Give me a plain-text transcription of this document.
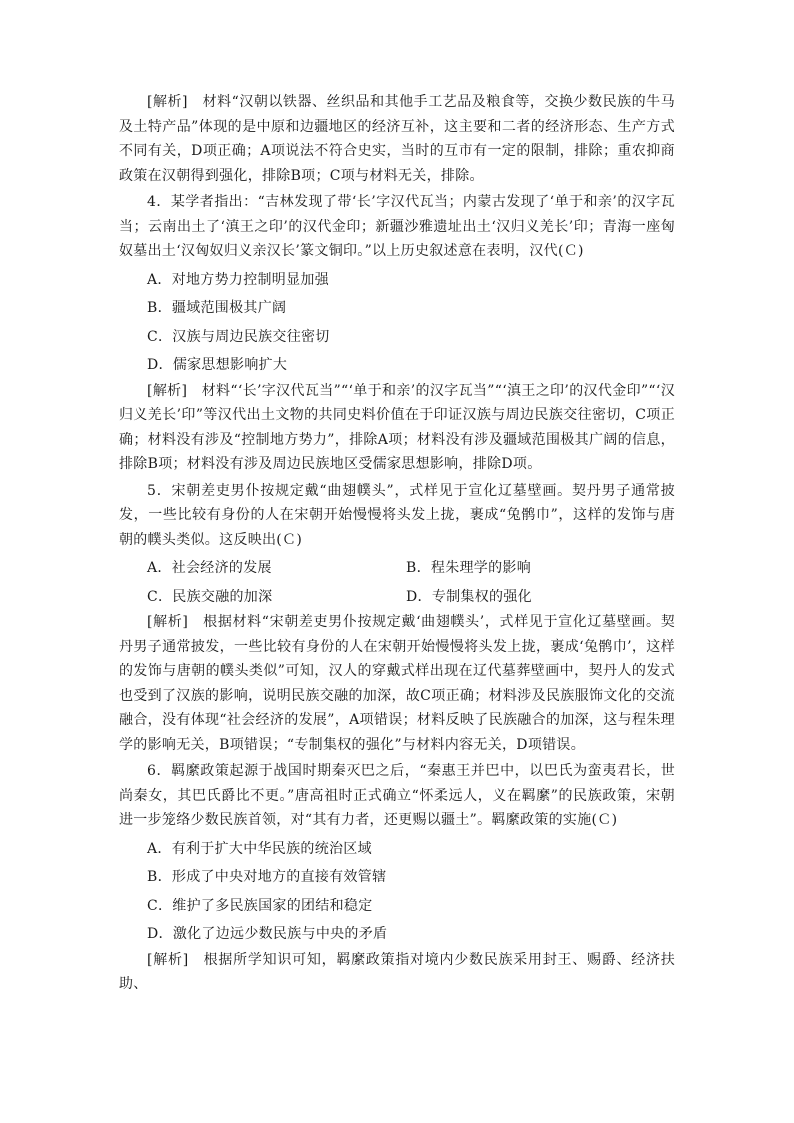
[解析]　材料“汉朝以铁器、丝织品和其他手工艺品及粮食等，交换少数民族的牛马及土特产品”体现的是中原和边疆地区的经济互补，这主要和二者的经济形态、生产方式不同有关，D项正确；A项说法不符合史实，当时的互市有一定的限制，排除；重农抑商政策在汉朝得到强化，排除B项；C项与材料无关，排除。

4．某学者指出：“吉林发现了带‘长’字汉代瓦当；内蒙古发现了‘单于和亲’的汉字瓦当；云南出土了‘滇王之印’的汉代金印；新疆沙雅遗址出土‘汉归义羌长’印；青海一座匈奴墓出土‘汉匈奴归义亲汉长’篆文铜印。”以上历史叙述意在表明，汉代(Ｃ)

A．对地方势力控制明显加强
B．疆域范围极其广阔
C．汉族与周边民族交往密切
D．儒家思想影响扩大

[解析]　材料“‘长’字汉代瓦当”“‘单于和亲’的汉字瓦当”“‘滇王之印’的汉代金印”“‘汉归义羌长’印”等汉代出土文物的共同史料价值在于印证汉族与周边民族交往密切，C项正确；材料没有涉及“控制地方势力”，排除A项；材料没有涉及疆域范围极其广阔的信息，排除B项；材料没有涉及周边民族地区受儒家思想影响，排除D项。

5．宋朝差吏男仆按规定戴“曲翅幞头”，式样见于宣化辽墓壁画。契丹男子通常披发，一些比较有身份的人在宋朝开始慢慢将头发上拢，裹成“兔鹘巾”，这样的发饰与唐朝的幞头类似。这反映出(Ｃ)

A．社会经济的发展	B．程朱理学的影响
C．民族交融的加深	D．专制集权的强化

[解析]　根据材料“宋朝差吏男仆按规定戴‘曲翅幞头’，式样见于宣化辽墓壁画。契丹男子通常披发，一些比较有身份的人在宋朝开始慢慢将头发上拢，裹成‘兔鹘巾’，这样的发饰与唐朝的幞头类似”可知，汉人的穿戴式样出现在辽代墓葬壁画中，契丹人的发式也受到了汉族的影响，说明民族交融的加深，故C项正确；材料涉及民族服饰文化的交流融合，没有体现“社会经济的发展”，A项错误；材料反映了民族融合的加深，这与程朱理学的影响无关，B项错误；“专制集权的强化”与材料内容无关，D项错误。

6．羁縻政策起源于战国时期秦灭巴之后，“秦惠王并巴中，以巴氏为蛮夷君长，世尚秦女，其巴氏爵比不更。”唐高祖时正式确立“怀柔远人，义在羁縻”的民族政策，宋朝进一步笼络少数民族首领，对“其有力者，还更赐以疆土”。羁縻政策的实施(Ｃ)

A．有利于扩大中华民族的统治区域
B．形成了中央对地方的直接有效管辖
C．维护了多民族国家的团结和稳定
D．激化了边远少数民族与中央的矛盾

[解析]　根据所学知识可知，羁縻政策指对境内少数民族采用封王、赐爵、经济扶助、
